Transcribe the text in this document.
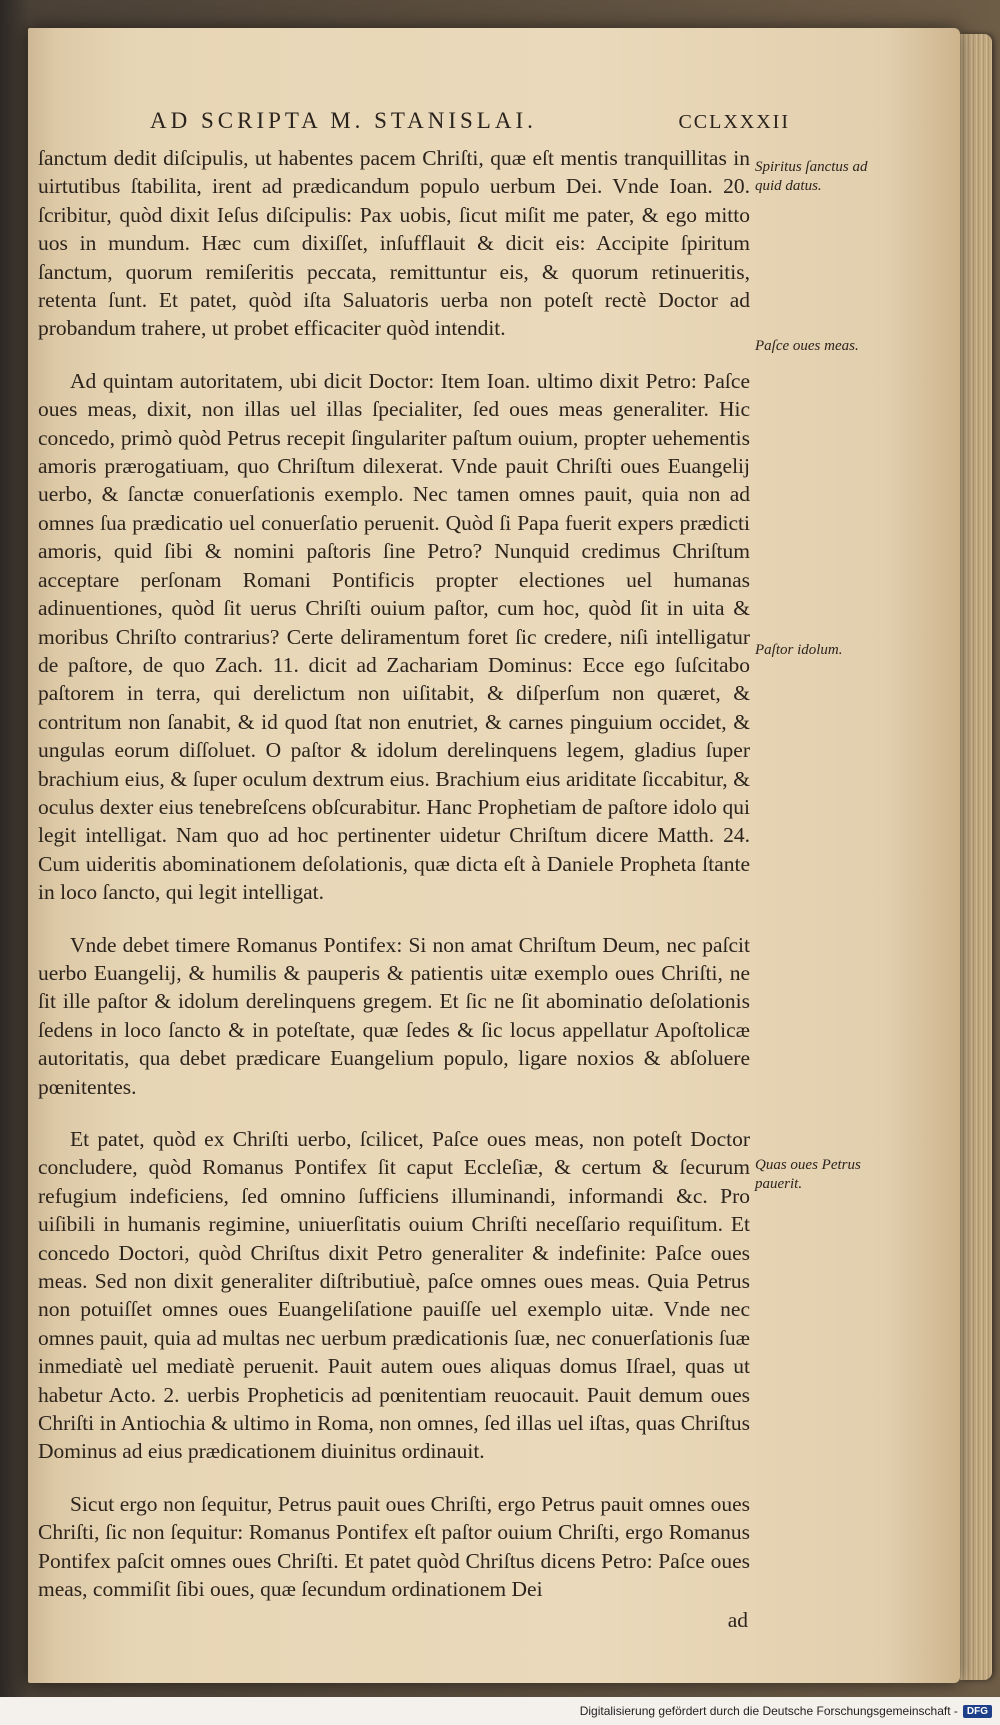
AD SCRIPTA M. STANISLAI.	CCLXXXII

ſanctum dedit diſcipulis, ut habentes pacem Chriſti, quæ eſt mentis tranquillitas in uirtutibus ſtabilita, irent ad prædicandum populo uerbum Dei. Vnde Ioan. 20. ſcribitur, quòd dixit Ieſus diſcipulis: Pax uobis, ſicut miſit me pater, & ego mitto uos in mundum. Hæc cum dixiſſet, inſufflauit & dicit eis: Accipite ſpiritum ſanctum, quorum remiſeritis peccata, remittuntur eis, & quorum retinueritis, retenta ſunt. Et patet, quòd iſta Saluatoris uerba non poteſt rectè Doctor ad probandum trahere, ut probet efficaciter quòd intendit.

Ad quintam autoritatem, ubi dicit Doctor: Item Ioan. ultimo dixit Petro: Paſce oues meas, dixit, non illas uel illas ſpecialiter, ſed oues meas generaliter. Hic concedo, primò quòd Petrus recepit ſingulariter paſtum ouium, propter uehementis amoris prærogatiuam, quo Chriſtum dilexerat. Vnde pauit Chriſti oues Euangelij uerbo, & ſanctæ conuerſationis exemplo. Nec tamen omnes pauit, quia non ad omnes ſua prædicatio uel conuerſatio peruenit. Quòd ſi Papa fuerit expers prædicti amoris, quid ſibi & nomini paſtoris ſine Petro? Nunquid credimus Chriſtum acceptare perſonam Romani Pontificis propter electiones uel humanas adinuentiones, quòd ſit uerus Chriſti ouium paſtor, cum hoc, quòd ſit in uita & moribus Chriſto contrarius? Certe deliramentum foret ſic credere, niſi intelligatur de paſtore, de quo Zach. 11. dicit ad Zachariam Dominus: Ecce ego ſuſcitabo paſtorem in terra, qui derelictum non uiſitabit, & diſperſum non quæret, & contritum non ſanabit, & id quod ſtat non enutriet, & carnes pinguium occidet, & ungulas eorum diſſoluet. O paſtor & idolum derelinquens legem, gladius ſuper brachium eius, & ſuper oculum dextrum eius. Brachium eius ariditate ſiccabitur, & oculus dexter eius tenebreſcens obſcurabitur. Hanc Prophetiam de paſtore idolo qui legit intelligat. Nam quo ad hoc pertinenter uidetur Chriſtum dicere Matth. 24. Cum uideritis abominationem deſolationis, quæ dicta eſt à Daniele Propheta ſtante in loco ſancto, qui legit intelligat.

Vnde debet timere Romanus Pontifex: Si non amat Chriſtum Deum, nec paſcit uerbo Euangelij, & humilis & pauperis & patientis uitæ exemplo oues Chriſti, ne ſit ille paſtor & idolum derelinquens gregem. Et ſic ne ſit abominatio deſolationis ſedens in loco ſancto & in poteſtate, quæ ſedes & ſic locus appellatur Apoſtolicæ autoritatis, qua debet prædicare Euangelium populo, ligare noxios & abſoluere pœnitentes.

Et patet, quòd ex Chriſti uerbo, ſcilicet, Paſce oues meas, non poteſt Doctor concludere, quòd Romanus Pontifex ſit caput Eccleſiæ, & certum & ſecurum refugium indeficiens, ſed omnino ſufficiens illuminandi, informandi &c. Pro uiſibili in humanis regimine, uniuerſitatis ouium Chriſti neceſſario requiſitum. Et concedo Doctori, quòd Chriſtus dixit Petro generaliter & indefinite: Paſce oues meas. Sed non dixit generaliter diſtributiuè, paſce omnes oues meas. Quia Petrus non potuiſſet omnes oues Euangeliſatione pauiſſe uel exemplo uitæ. Vnde nec omnes pauit, quia ad multas nec uerbum prædicationis ſuæ, nec conuerſationis ſuæ inmediatè uel mediatè peruenit. Pauit autem oues aliquas domus Iſrael, quas ut habetur Acto. 2. uerbis Propheticis ad pœnitentiam reuocauit. Pauit demum oues Chriſti in Antiochia & ultimo in Roma, non omnes, ſed illas uel iſtas, quas Chriſtus Dominus ad eius prædicationem diuinitus ordinauit.

Sicut ergo non ſequitur, Petrus pauit oues Chriſti, ergo Petrus pauit omnes oues Chriſti, ſic non ſequitur: Romanus Pontifex eſt paſtor ouium Chriſti, ergo Romanus Pontifex paſcit omnes oues Chriſti. Et patet quòd Chriſtus dicens Petro: Paſce oues meas, commiſit ſibi oues, quæ ſecundum ordinationem Dei

ad
Spiritus ſanctus ad quid datus.
Paſce oues meas.
Paſtor idolum.
Quas oues Petrus pauerit.
Digitalisierung gefördert durch die Deutsche Forschungsgemeinschaft - DFG
